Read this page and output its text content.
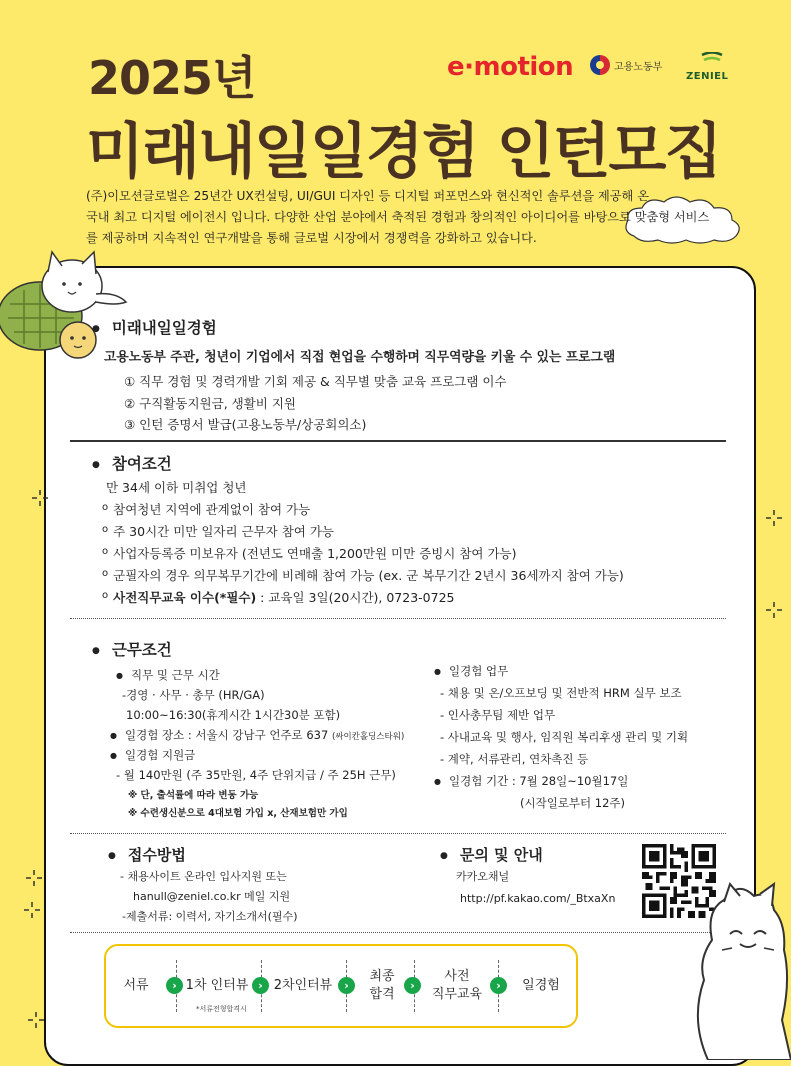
2025년
미래내일일경험 인턴모집
e·motion	고용노동부
ZENIEL
(주)이모션글로벌은 25년간 UX컨설팅, UI/GUI 디자인 등 디지털 퍼포먼스와 현신적인 솔루션을 제공해 온
국내 최고 디지털 에이전시 입니다. 다양한 산업 분야에서 축적된 경험과 창의적인 아이디어를 바탕으로 맞춤형 서비스
를 제공하며 지속적인 연구개발을 통해 글로벌 시장에서 경쟁력을 강화하고 있습니다.
● 미래내일일경험
고용노동부 주관, 청년이 기업에서 직접 현업을 수행하며 직무역량을 키울 수 있는 프로그램
① 직무 경험 및 경력개발 기회 제공 & 직무별 맞춤 교육 프로그램 이수
② 구직활동지원금, 생활비 지원
③ 인턴 증명서 발급(고용노동부/상공회의소)
● 참여조건
만 34세 이하 미취업 청년
o 참여청년 지역에 관계없이 참여 가능
o 주 30시간 미만 일자리 근무자 참여 가능
o 사업자등록증 미보유자 (전년도 연매출 1,200만원 미만 증빙시 참여 가능)
o 군필자의 경우 의무복무기간에 비례해 참여 가능 (ex. 군 복무기간 2년시 36세까지 참여 가능)
o 사전직무교육 이수(*필수) : 교육일 3일(20시간), 0723-0725
● 근무조건
● 직무 및 근무 시간
-경영 · 사무 · 총무 (HR/GA)
10:00~16:30(휴게시간 1시간30분 포함)
● 일경험 장소 : 서울시 강남구 언주로 637 (싸이칸홀딩스타워)
● 일경험 지원금
- 월 140만원 (주 35만원, 4주 단위지급 / 주 25H 근무)
※ 단, 출석률에 따라 변동 가능
※ 수련생신분으로 4대보험 가입 x, 산재보험만 가입
● 일경험 업무
- 채용 및 온/오프보딩 및 전반적 HRM 실무 보조
- 인사총무팀 제반 업무
- 사내교육 및 행사, 임직원 복리후생 관리 및 기획
- 계약, 서류관리, 연차촉진 등
● 일경험 기간 : 7월 28일~10월17일
(시작일로부터 12주)
● 접수방법
- 채용사이트 온라인 입사지원 또는
hanull@zeniel.co.kr 메일 지원
-제출서류: 이력서, 자기소개서(필수)
● 문의 및 안내
카카오채널
http://pf.kakao.com/_BtxaXn
서류	› 1차 인터뷰
*서류전형합격시
› 2차인터뷰	›
최종
합격
›
사전
직무교육
›	일경험
